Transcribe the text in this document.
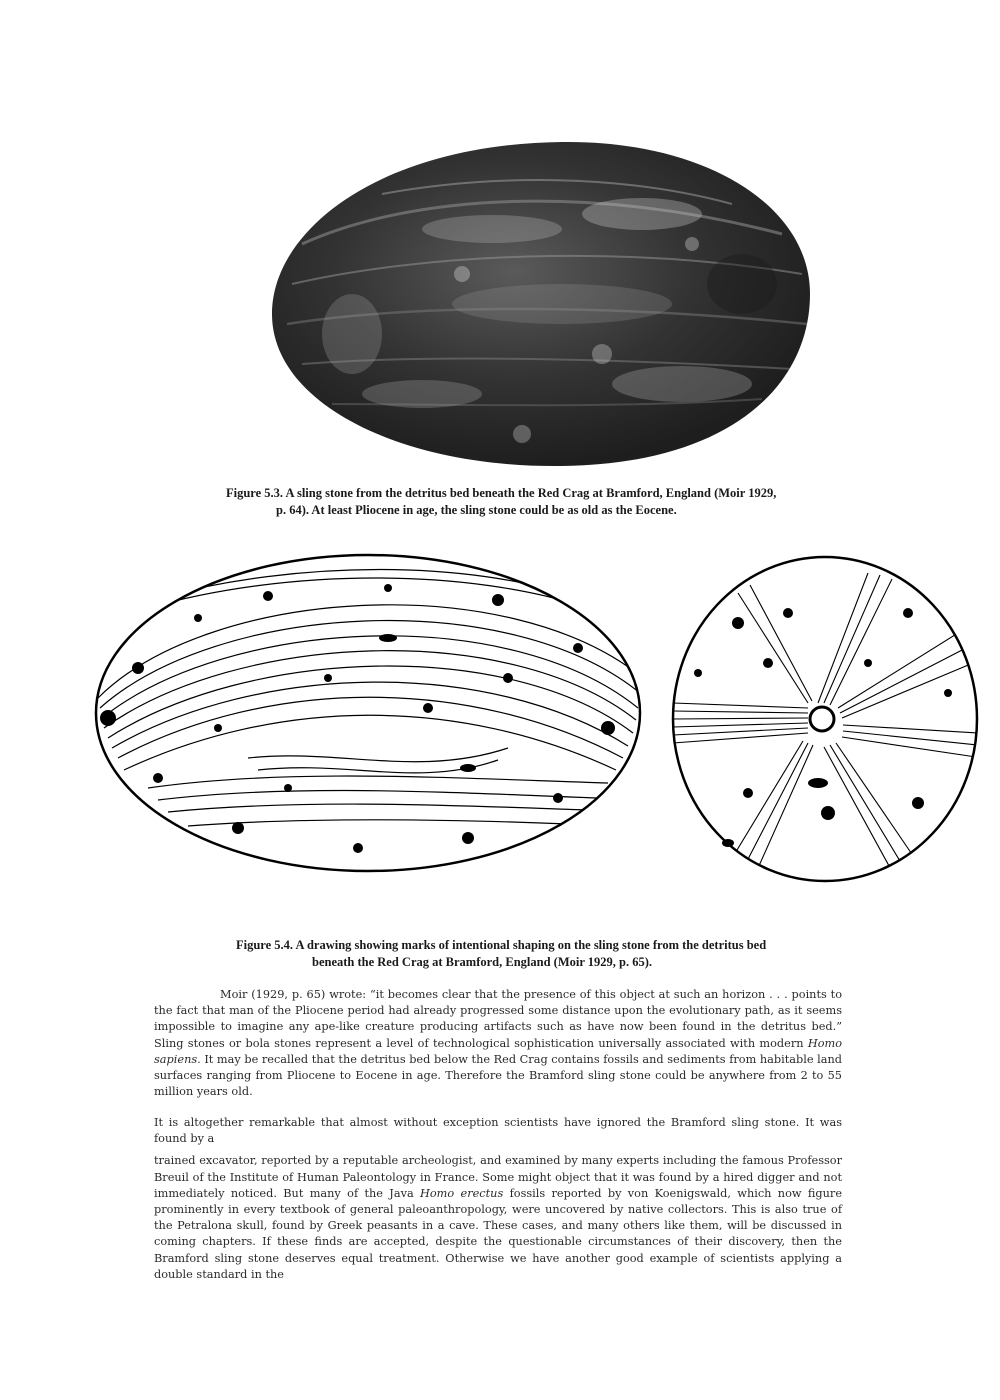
Figure 5.3. A sling stone from the detritus bed beneath the Red Crag at Bramford, England (Moir 1929,
p. 64). At least Pliocene in age, the sling stone could be as old as the Eocene.
Figure 5.4. A drawing showing marks of intentional shaping on the sling stone from the detritus bed
beneath the Red Crag at Bramford, England (Moir 1929, p. 65).
Moir (1929, p. 65) wrote: “it becomes clear that the presence of this object at such an horizon . . . points to the fact that man of the Pliocene period had already progressed some distance upon the evolutionary path, as it seems impossible to imagine any ape-like creature producing artifacts such as have now been found in the detritus bed.” Sling stones or bola stones represent a level of technological sophistication universally associated with modern Homo sapiens. It may be recalled that the detritus bed below the Red Crag contains fossils and sediments from habitable land surfaces ranging from Pliocene to Eocene in age. Therefore the Bramford sling stone could be anywhere from 2 to 55 million years old.
It is altogether remarkable that almost without exception scientists have ignored the Bramford sling stone. It was found by a
trained excavator, reported by a reputable archeologist, and examined by many experts including the famous Professor Breuil of the Institute of Human Paleontology in France. Some might object that it was found by a hired digger and not immediately noticed. But many of the Java Homo erectus fossils reported by von Koenigswald, which now figure prominently in every textbook of general paleoanthropology, were uncovered by native collectors. This is also true of the Petralona skull, found by Greek peasants in a cave. These cases, and many others like them, will be discussed in coming chapters. If these finds are accepted, despite the questionable circumstances of their discovery, then the Bramford sling stone deserves equal treatment. Otherwise we have another good example of scientists applying a double standard in the
